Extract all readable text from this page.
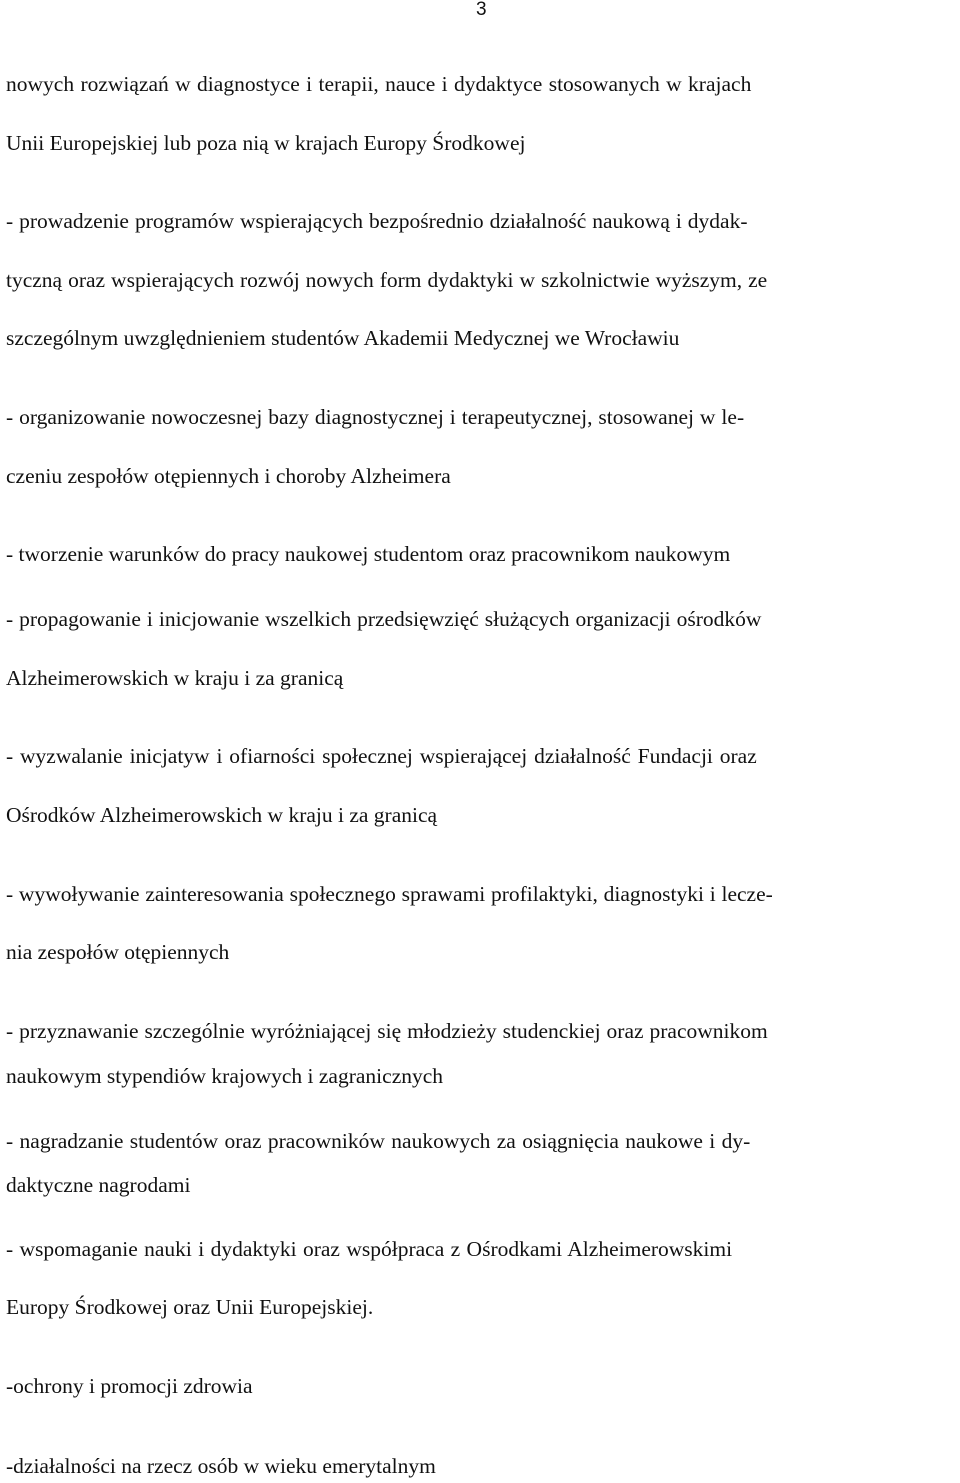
3
nowych rozwiązań w diagnostyce i terapii, nauce i dydaktyce stosowanych w krajach
Unii Europejskiej lub poza nią w krajach Europy Środkowej
- prowadzenie programów wspierających bezpośrednio działalność naukową i dydak-
tyczną oraz wspierających rozwój nowych form dydaktyki w szkolnictwie wyższym, ze
szczególnym uwzględnieniem studentów Akademii Medycznej we Wrocławiu
- organizowanie nowoczesnej bazy diagnostycznej i terapeutycznej, stosowanej w le-
czeniu zespołów otępiennych i choroby Alzheimera
- tworzenie warunków do pracy naukowej studentom oraz pracownikom naukowym
- propagowanie i inicjowanie wszelkich przedsięwzięć służących organizacji ośrodków
Alzheimerowskich w kraju i za granicą
- wyzwalanie inicjatyw i ofiarności społecznej wspierającej działalność Fundacji oraz
Ośrodków Alzheimerowskich w kraju i za granicą
- wywoływanie zainteresowania społecznego sprawami profilaktyki, diagnostyki i lecze-
nia zespołów otępiennych
- przyznawanie szczególnie wyróżniającej się młodzieży studenckiej oraz pracownikom
naukowym stypendiów krajowych i zagranicznych
- nagradzanie studentów oraz pracowników naukowych za osiągnięcia naukowe i dy-
daktyczne nagrodami
- wspomaganie nauki i dydaktyki oraz współpraca z Ośrodkami Alzheimerowskimi
Europy Środkowej oraz Unii Europejskiej.
-ochrony i promocji zdrowia
-działalności na rzecz osób w wieku emerytalnym
